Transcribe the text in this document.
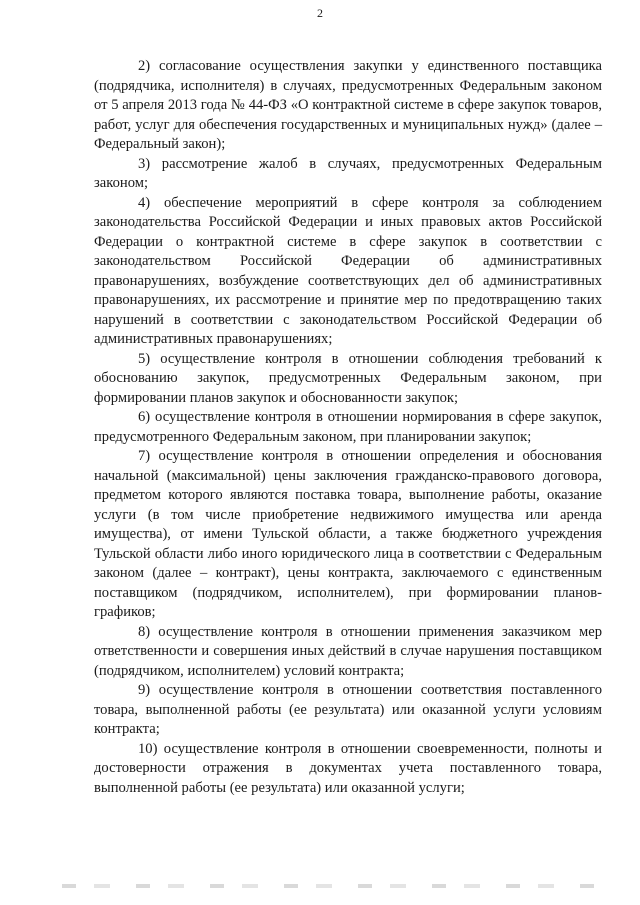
2

2) согласование осуществления закупки у единственного поставщика (подрядчика, исполнителя) в случаях, предусмотренных Федеральным законом от 5 апреля 2013 года № 44-ФЗ «О контрактной системе в сфере закупок товаров, работ, услуг для обеспечения государственных и муниципальных нужд» (далее – Федеральный закон);

3) рассмотрение жалоб в случаях, предусмотренных Федеральным законом;

4) обеспечение мероприятий в сфере контроля за соблюдением законодательства Российской Федерации и иных правовых актов Российской Федерации о контрактной системе в сфере закупок в соответствии с законодательством Российской Федерации об административных правонарушениях, возбуждение соответствующих дел об административных правонарушениях, их рассмотрение и принятие мер по предотвращению таких нарушений в соответствии с законодательством Российской Федерации об административных правонарушениях;

5) осуществление контроля в отношении соблюдения требований к обоснованию закупок, предусмотренных Федеральным законом, при формировании планов закупок и обоснованности закупок;

6) осуществление контроля в отношении нормирования в сфере закупок, предусмотренного Федеральным законом, при планировании закупок;

7) осуществление контроля в отношении определения и обоснования начальной (максимальной) цены заключения гражданско-правового договора, предметом которого являются поставка товара, выполнение работы, оказание услуги (в том числе приобретение недвижимого имущества или аренда имущества), от имени Тульской области, а также бюджетного учреждения Тульской области либо иного юридического лица в соответствии с Федеральным законом (далее – контракт), цены контракта, заключаемого с единственным поставщиком (подрядчиком, исполнителем), при формировании планов-графиков;

8) осуществление контроля в отношении применения заказчиком мер ответственности и совершения иных действий в случае нарушения поставщиком (подрядчиком, исполнителем) условий контракта;

9) осуществление контроля в отношении соответствия поставленного товара, выполненной работы (ее результата) или оказанной услуги условиям контракта;

10) осуществление контроля в отношении своевременности, полноты и достоверности отражения в документах учета поставленного товара, выполненной работы (ее результата) или оказанной услуги;
